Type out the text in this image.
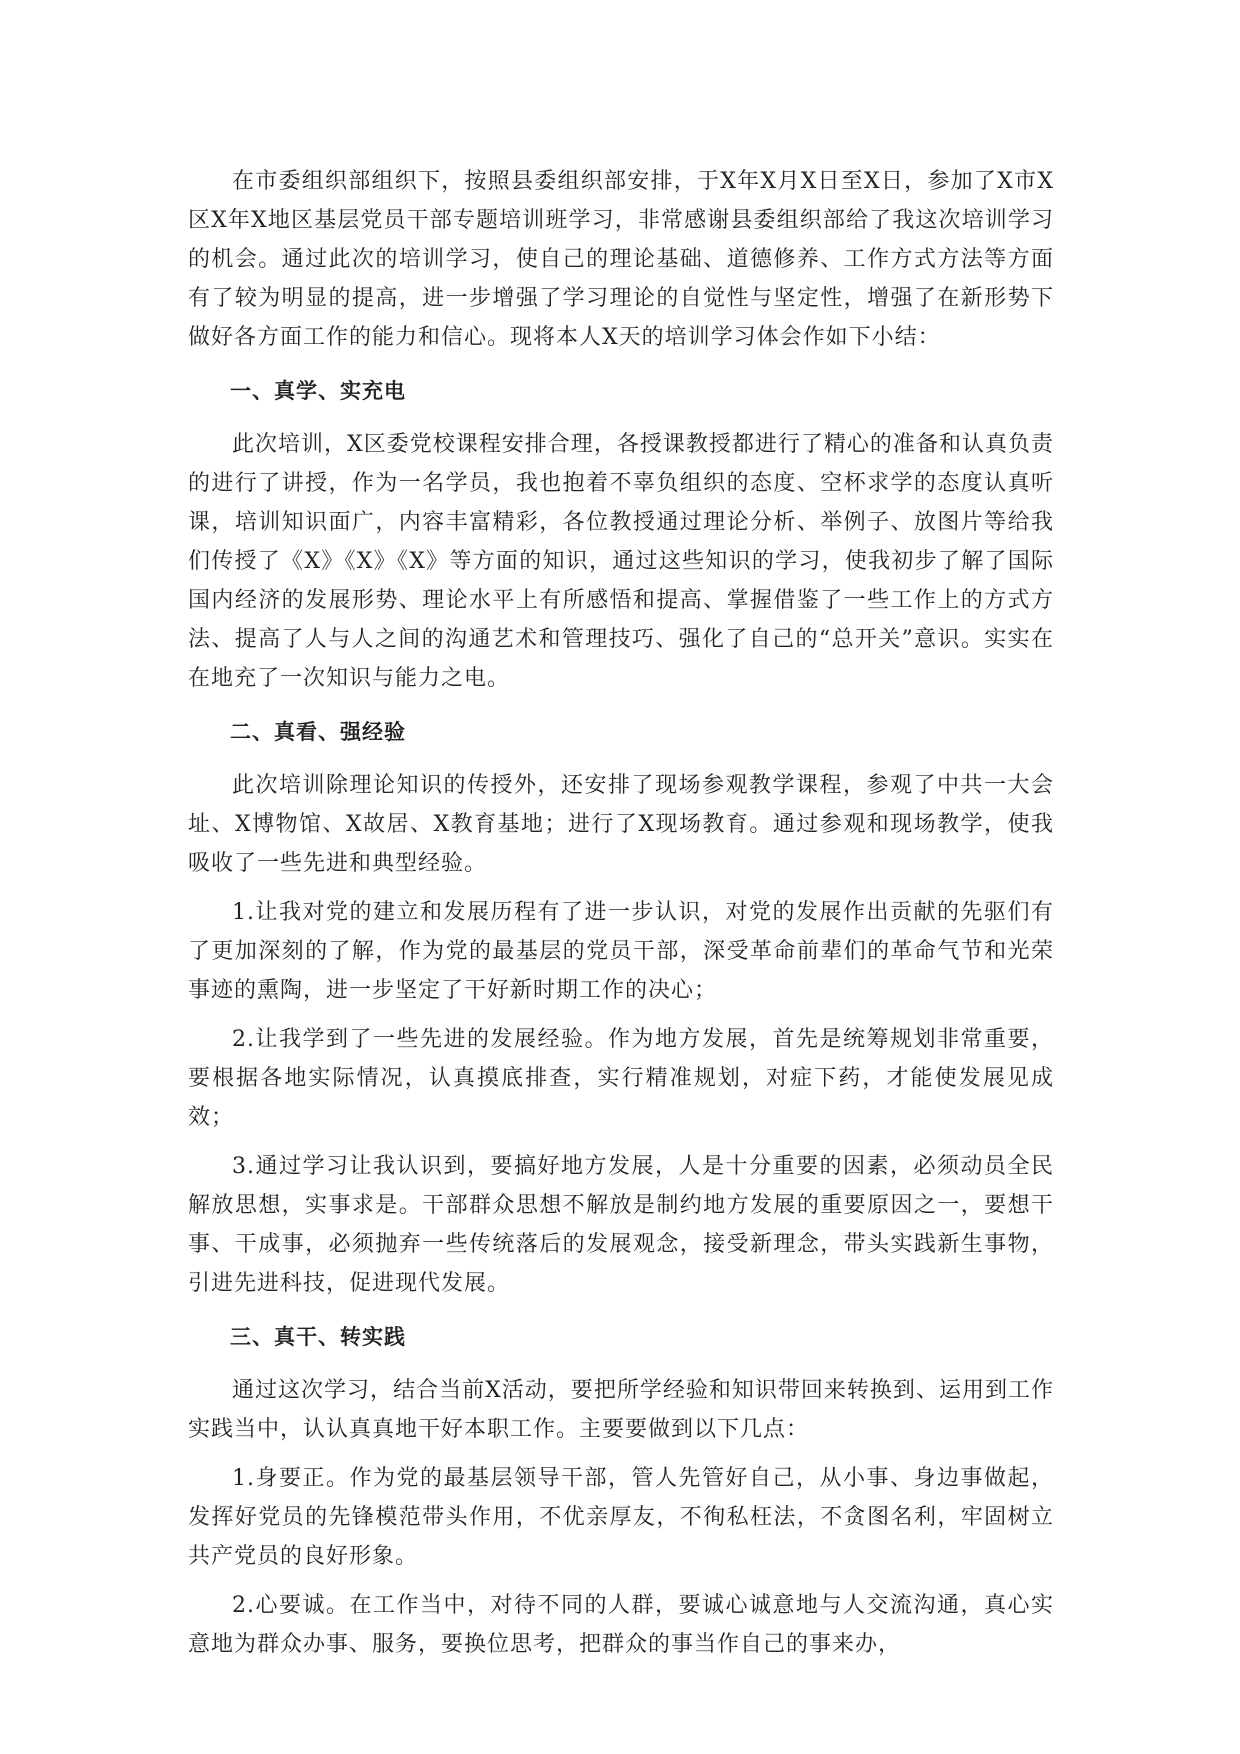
在市委组织部组织下，按照县委组织部安排，于X年X月X日至X日，参加了X市X区X年X地区基层党员干部专题培训班学习，非常感谢县委组织部给了我这次培训学习的机会。通过此次的培训学习，使自己的理论基础、道德修养、工作方式方法等方面有了较为明显的提高，进一步增强了学习理论的自觉性与坚定性，增强了在新形势下做好各方面工作的能力和信心。现将本人X天的培训学习体会作如下小结：

一、真学、实充电

此次培训，X区委党校课程安排合理，各授课教授都进行了精心的准备和认真负责的进行了讲授，作为一名学员，我也抱着不辜负组织的态度、空杯求学的态度认真听课，培训知识面广，内容丰富精彩，各位教授通过理论分析、举例子、放图片等给我们传授了《X》《X》《X》等方面的知识，通过这些知识的学习，使我初步了解了国际国内经济的发展形势、理论水平上有所感悟和提高、掌握借鉴了一些工作上的方式方法、提高了人与人之间的沟通艺术和管理技巧、强化了自己的“总开关”意识。实实在在地充了一次知识与能力之电。

二、真看、强经验

此次培训除理论知识的传授外，还安排了现场参观教学课程，参观了中共一大会址、X博物馆、X故居、X教育基地；进行了X现场教育。通过参观和现场教学，使我吸收了一些先进和典型经验。

1.让我对党的建立和发展历程有了进一步认识，对党的发展作出贡献的先驱们有了更加深刻的了解，作为党的最基层的党员干部，深受革命前辈们的革命气节和光荣事迹的熏陶，进一步坚定了干好新时期工作的决心；

2.让我学到了一些先进的发展经验。作为地方发展，首先是统筹规划非常重要，要根据各地实际情况，认真摸底排查，实行精准规划，对症下药，才能使发展见成效；

3.通过学习让我认识到，要搞好地方发展，人是十分重要的因素，必须动员全民解放思想，实事求是。干部群众思想不解放是制约地方发展的重要原因之一，要想干事、干成事，必须抛弃一些传统落后的发展观念，接受新理念，带头实践新生事物，引进先进科技，促进现代发展。

三、真干、转实践

通过这次学习，结合当前X活动，要把所学经验和知识带回来转换到、运用到工作实践当中，认认真真地干好本职工作。主要要做到以下几点：

1.身要正。作为党的最基层领导干部，管人先管好自己，从小事、身边事做起，发挥好党员的先锋模范带头作用，不优亲厚友，不徇私枉法，不贪图名利，牢固树立共产党员的良好形象。

2.心要诚。在工作当中，对待不同的人群，要诚心诚意地与人交流沟通，真心实意地为群众办事、服务，要换位思考，把群众的事当作自己的事来办，
